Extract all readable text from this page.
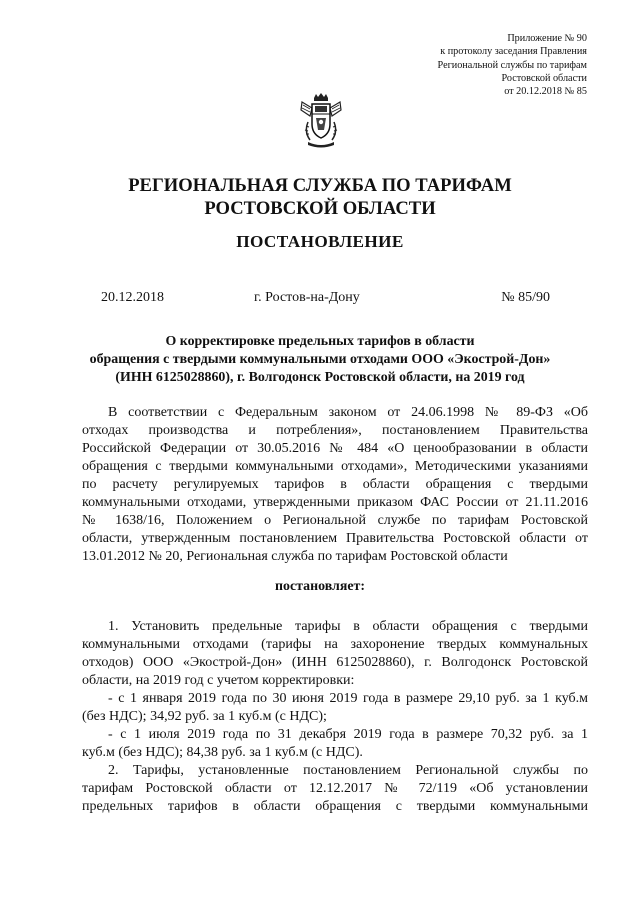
Приложение № 90
к протоколу заседания Правления
Региональной службы по тарифам
Ростовской области
от 20.12.2018 № 85
РЕГИОНАЛЬНАЯ СЛУЖБА ПО ТАРИФАМ
РОСТОВСКОЙ ОБЛАСТИ
ПОСТАНОВЛЕНИЕ
20.12.2018	г. Ростов-на-Дону	№ 85/90
О корректировке предельных тарифов в области
обращения с твердыми коммунальными отходами ООО «Экострой-Дон»
(ИНН 6125028860), г. Волгодонск Ростовской области, на 2019 год
В соответствии с Федеральным законом от 24.06.1998 № 89-ФЗ «Об
отходах производства и потребления», постановлением Правительства
Российской Федерации от 30.05.2016 № 484 «О ценообразовании в области
обращения с твердыми коммунальными отходами», Методическими указаниями
по расчету регулируемых тарифов в области обращения с твердыми
коммунальными отходами, утвержденными приказом ФАС России от 21.11.2016
№ 1638/16, Положением о Региональной службе по тарифам Ростовской
области, утвержденным постановлением Правительства Ростовской области от
13.01.2012 № 20, Региональная служба по тарифам Ростовской области
постановляет:
1. Установить предельные тарифы в области обращения с твердыми
коммунальными отходами (тарифы на захоронение твердых коммунальных
отходов) ООО «Экострой-Дон» (ИНН 6125028860), г. Волгодонск Ростовской
области, на 2019 год с учетом корректировки:
- с 1 января 2019 года по 30 июня 2019 года в размере 29,10 руб. за 1 куб.м
(без НДС); 34,92 руб. за 1 куб.м (с НДС);
- с 1 июля 2019 года по 31 декабря 2019 года в размере 70,32 руб. за 1
куб.м (без НДС); 84,38 руб. за 1 куб.м (с НДС).
2. Тарифы, установленные постановлением Региональной службы по
тарифам Ростовской области от 12.12.2017 № 72/119 «Об установлении
предельных тарифов в области обращения с твердыми коммунальными
